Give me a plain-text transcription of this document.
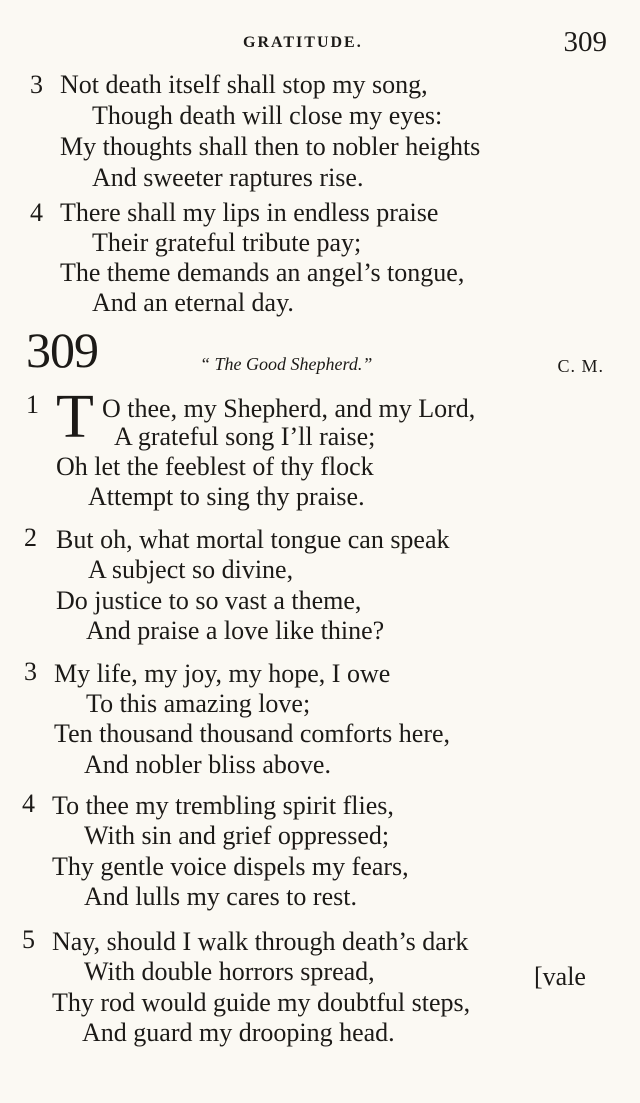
GRATITUDE.	309
3 Not death itself shall stop my song,
Though death will close my eyes:
My thoughts shall then to nobler heights
And sweeter raptures rise.
4 There shall my lips in endless praise
Their grateful tribute pay;
The theme demands an angel’s tongue,
And an eternal day.
309	“ The Good Shepherd.”	C. M.
1 T O thee, my Shepherd, and my Lord,
A grateful song I’ll raise;
Oh let the feeblest of thy flock
Attempt to sing thy praise.
2 But oh, what mortal tongue can speak
A subject so divine,
Do justice to so vast a theme,
And praise a love like thine?
3 My life, my joy, my hope, I owe
To this amazing love;
Ten thousand thousand comforts here,
And nobler bliss above.
4 To thee my trembling spirit flies,
With sin and grief oppressed;
Thy gentle voice dispels my fears,
And lulls my cares to rest.
5 Nay, should I walk through death’s dark
With double horrors spread,	[vale
Thy rod would guide my doubtful steps,
And guard my drooping head.
